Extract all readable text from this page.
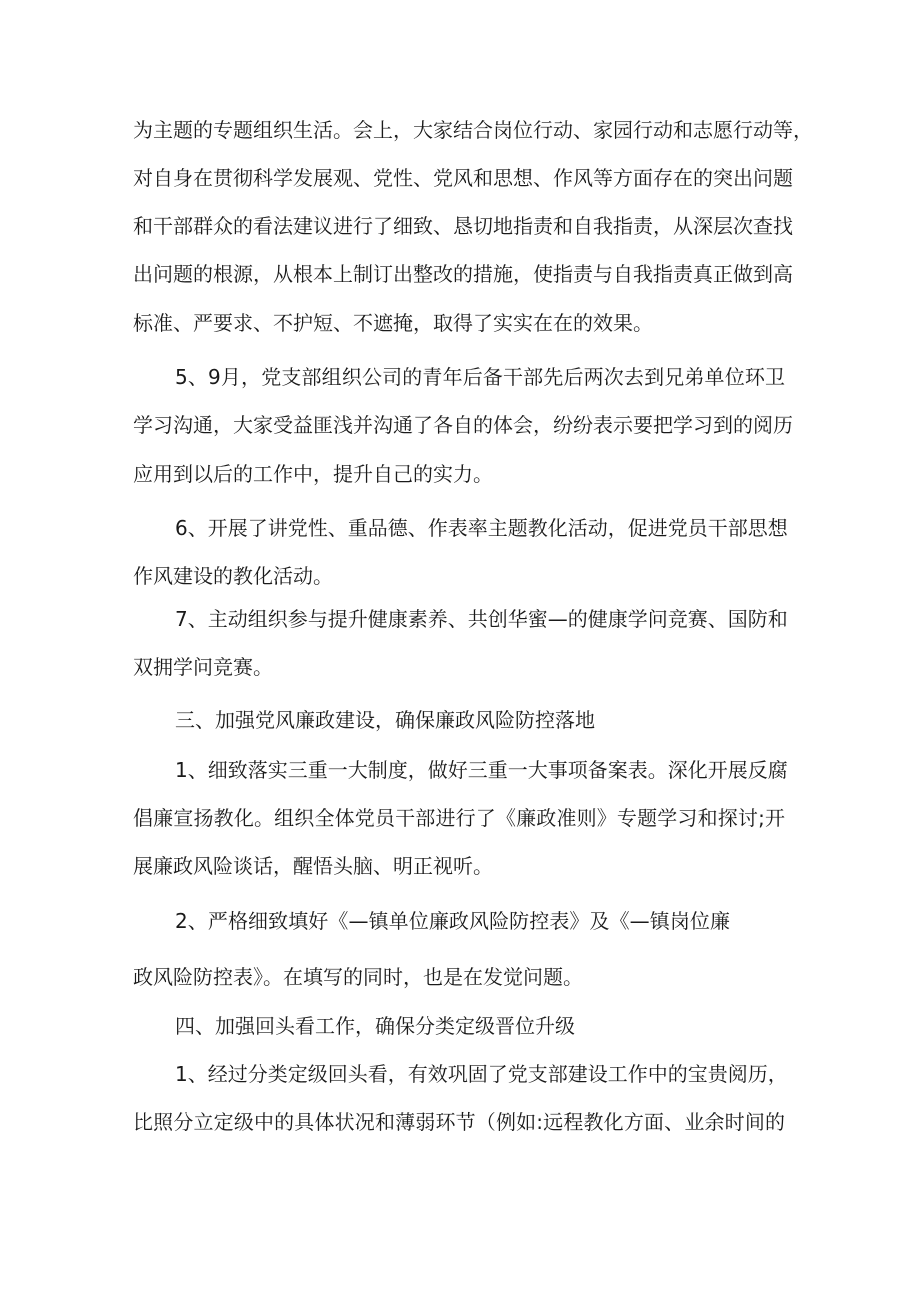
为主题的专题组织生活。会上，大家结合岗位行动、家园行动和志愿行动等，
对自身在贯彻科学发展观、党性、党风和思想、作风等方面存在的突出问题
和干部群众的看法建议进行了细致、恳切地指责和自我指责，从深层次查找
出问题的根源，从根本上制订出整改的措施，使指责与自我指责真正做到高
标准、严要求、不护短、不遮掩，取得了实实在在的效果。
5、9月，党支部组织公司的青年后备干部先后两次去到兄弟单位环卫
学习沟通，大家受益匪浅并沟通了各自的体会，纷纷表示要把学习到的阅历
应用到以后的工作中，提升自己的实力。
6、开展了讲党性、重品德、作表率主题教化活动，促进党员干部思想
作风建设的教化活动。
7、主动组织参与提升健康素养、共创华蜜—的健康学问竞赛、国防和
双拥学问竞赛。
三、加强党风廉政建设，确保廉政风险防控落地
1、细致落实三重一大制度，做好三重一大事项备案表。深化开展反腐
倡廉宣扬教化。组织全体党员干部进行了《廉政准则》专题学习和探讨;开
展廉政风险谈话，醒悟头脑、明正视听。
2、严格细致填好《—镇单位廉政风险防控表》及《—镇岗位廉
政风险防控表》。在填写的同时，也是在发觉问题。
四、加强回头看工作，确保分类定级晋位升级
1、经过分类定级回头看，有效巩固了党支部建设工作中的宝贵阅历，
比照分立定级中的具体状况和薄弱环节（例如:远程教化方面、业余时间的
